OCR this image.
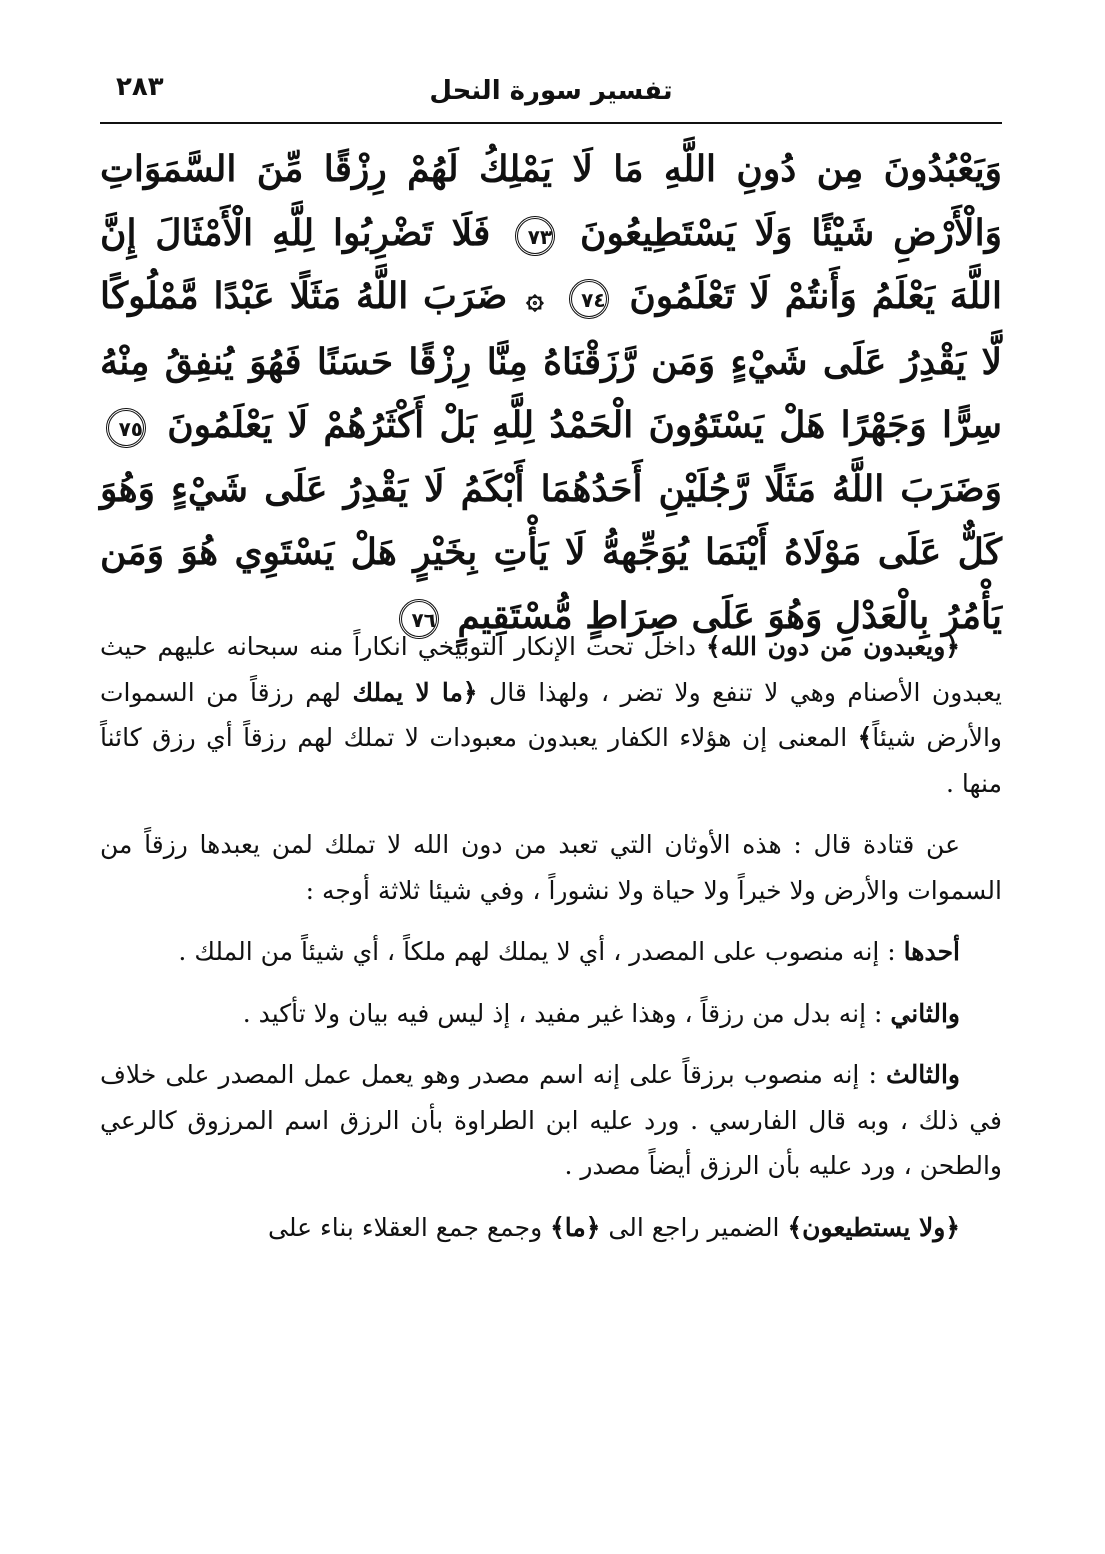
تفسير سورة النحل
٢٨٣
وَيَعْبُدُونَ مِن دُونِ اللَّهِ مَا لَا يَمْلِكُ لَهُمْ رِزْقًا مِّنَ السَّمَوَاتِ وَالْأَرْضِ شَيْئًا وَلَا يَسْتَطِيعُونَ ٧٣ فَلَا تَضْرِبُوا لِلَّهِ الْأَمْثَالَ إِنَّ اللَّهَ يَعْلَمُ وَأَنتُمْ لَا تَعْلَمُونَ ٧٤ ۞ ضَرَبَ اللَّهُ مَثَلًا عَبْدًا مَّمْلُوكًا لَّا يَقْدِرُ عَلَى شَيْءٍ وَمَن رَّزَقْنَاهُ مِنَّا رِزْقًا حَسَنًا فَهُوَ يُنفِقُ مِنْهُ سِرًّا وَجَهْرًا هَلْ يَسْتَوُونَ الْحَمْدُ لِلَّهِ بَلْ أَكْثَرُهُمْ لَا يَعْلَمُونَ ٧٥ وَضَرَبَ اللَّهُ مَثَلًا رَّجُلَيْنِ أَحَدُهُمَا أَبْكَمُ لَا يَقْدِرُ عَلَى شَيْءٍ وَهُوَ كَلٌّ عَلَى مَوْلَاهُ أَيْنَمَا يُوَجِّههُّ لَا يَأْتِ بِخَيْرٍ هَلْ يَسْتَوِي هُوَ وَمَن يَأْمُرُ بِالْعَدْلِ وَهُوَ عَلَى صِرَاطٍ مُّسْتَقِيمٍ ٧٦

﴿ويعبدون من دون الله﴾ داخل تحت الإنكار التوبيخي انكاراً منه سبحانه عليهم حيث يعبدون الأصنام وهي لا تنفع ولا تضر ، ولهذا قال ﴿ما لا يملك لهم رزقاً من السموات والأرض شيئاً﴾ المعنى إن هؤلاء الكفار يعبدون معبودات لا تملك لهم رزقاً أي رزق كائناً منها .

عن قتادة قال : هذه الأوثان التي تعبد من دون الله لا تملك لمن يعبدها رزقاً من السموات والأرض ولا خيراً ولا حياة ولا نشوراً ، وفي شيئا ثلاثة أوجه :

أحدها : إنه منصوب على المصدر ، أي لا يملك لهم ملكاً ، أي شيئاً من الملك .

والثاني : إنه بدل من رزقاً ، وهذا غير مفيد ، إذ ليس فيه بيان ولا تأكيد .

والثالث : إنه منصوب برزقاً على إنه اسم مصدر وهو يعمل عمل المصدر على خلاف في ذلك ، وبه قال الفارسي . ورد عليه ابن الطراوة بأن الرزق اسم المرزوق كالرعي والطحن ، ورد عليه بأن الرزق أيضاً مصدر .

﴿ولا يستطيعون﴾ الضمير راجع الى ﴿ما﴾ وجمع جمع العقلاء بناء على
